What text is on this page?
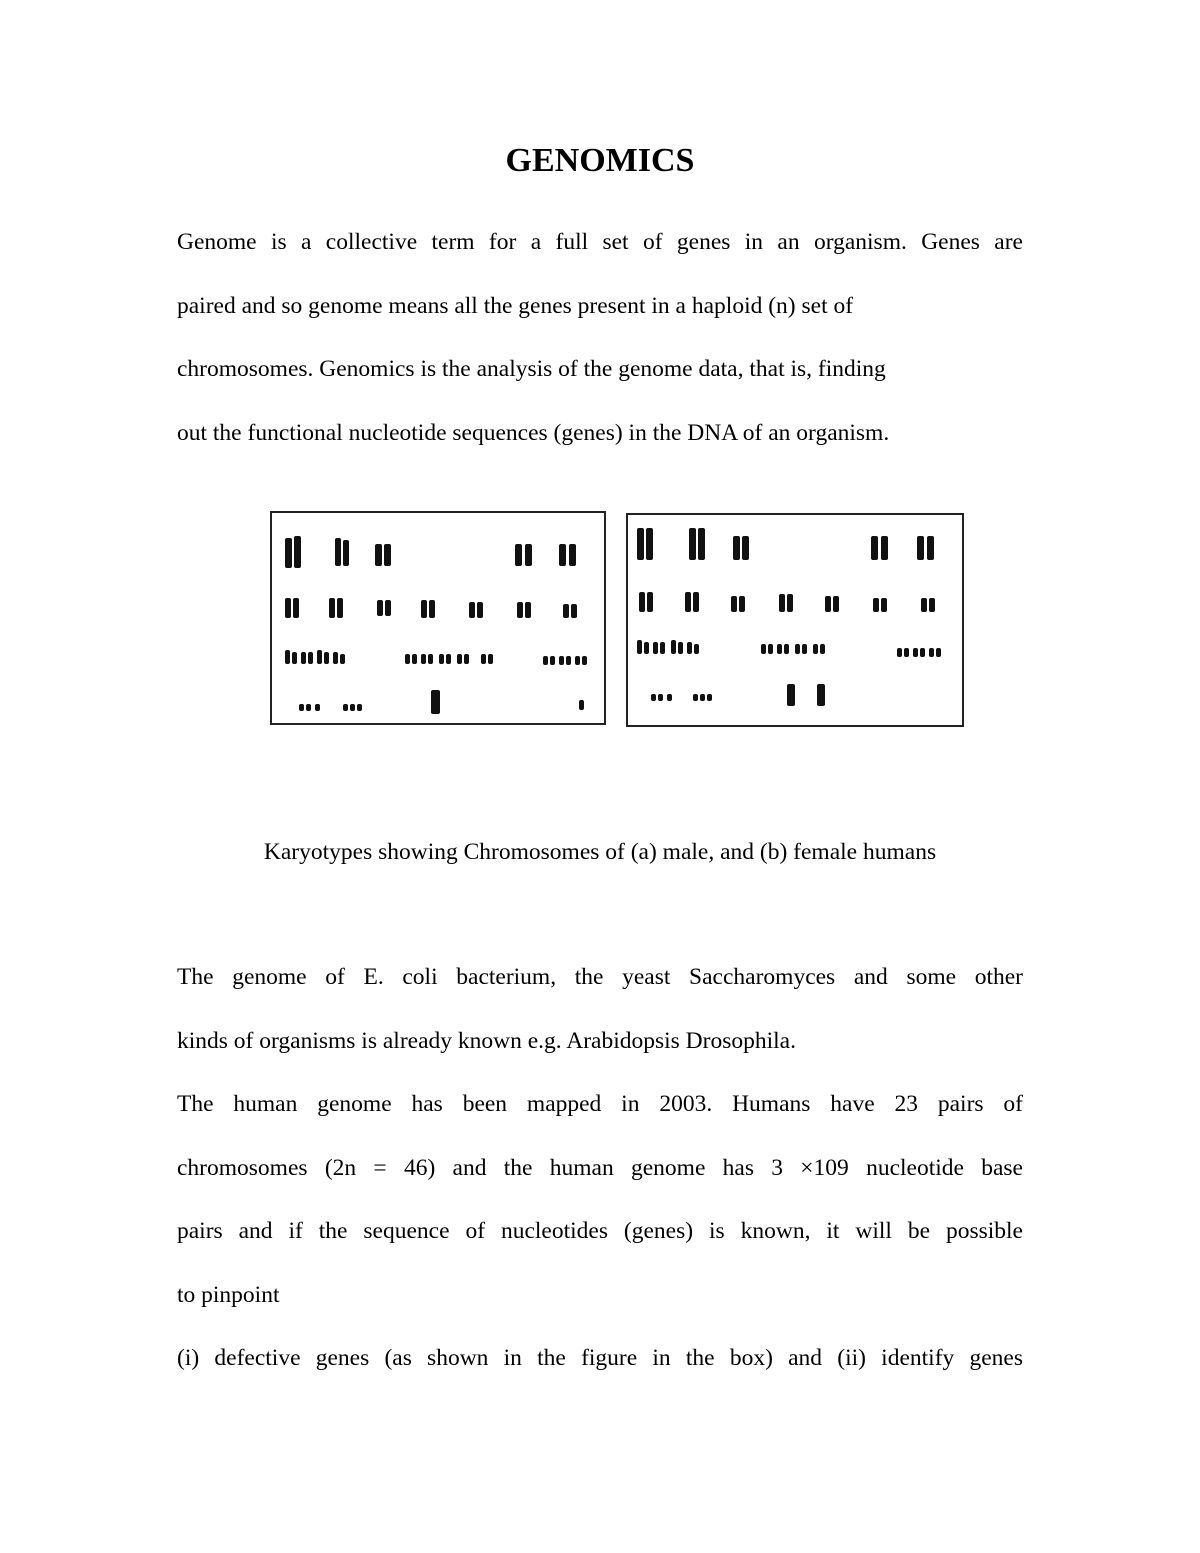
GENOMICS

Genome is a collective term for a full set of genes in an organism. Genes are
paired and so genome means all the genes present in a haploid (n) set of
chromosomes. Genomics is the analysis of the genome data, that is, finding
out the functional nucleotide sequences (genes) in the DNA of an organism.

Karyotypes showing Chromosomes of (a) male, and (b) female humans

The genome of E. coli bacterium, the yeast Saccharomyces and some other
kinds of organisms is already known e.g. Arabidopsis Drosophila.

The human genome has been mapped in 2003. Humans have 23 pairs of
chromosomes (2n = 46) and the human genome has 3 ×109 nucleotide base
pairs and if the sequence of nucleotides (genes) is known, it will be possible
to pinpoint

(i) defective genes (as shown in the figure in the box) and (ii) identify genes
